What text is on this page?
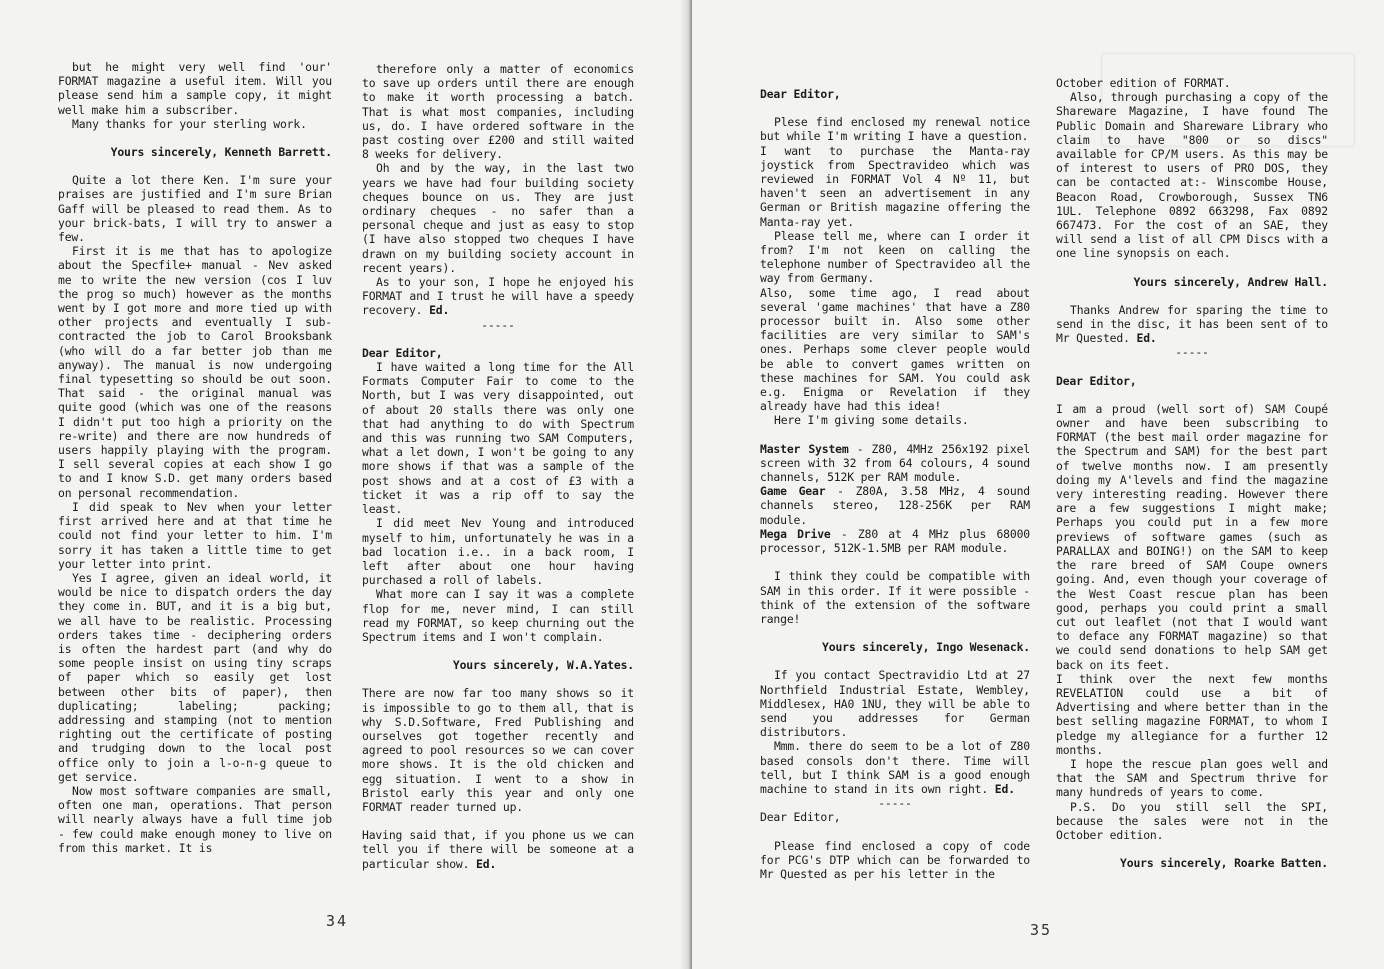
but he might very well find 'our' FORMAT magazine a useful item. Will you please send him a sample copy, it might well make him a subscriber.

Many thanks for your sterling work.

Yours sincerely, Kenneth Barrett.

Quite a lot there Ken. I'm sure your praises are justified and I'm sure Brian Gaff will be pleased to read them. As to your brick-bats, I will try to answer a few.

First it is me that has to apologize about the Specfile+ manual - Nev asked me to write the new version (cos I luv the prog so much) however as the months went by I got more and more tied up with other projects and eventually I sub-contracted the job to Carol Brooksbank (who will do a far better job than me anyway). The manual is now undergoing final typesetting so should be out soon. That said - the original manual was quite good (which was one of the reasons I didn't put too high a priority on the re-write) and there are now hundreds of users happily playing with the program. I sell several copies at each show I go to and I know S.D. get many orders based on personal recommendation.

I did speak to Nev when your letter first arrived here and at that time he could not find your letter to him. I'm sorry it has taken a little time to get your letter into print.

Yes I agree, given an ideal world, it would be nice to dispatch orders the day they come in. BUT, and it is a big but, we all have to be realistic. Processing orders takes time - deciphering orders is often the hardest part (and why do some people insist on using tiny scraps of paper which so easily get lost between other bits of paper), then duplicating; labeling; packing; addressing and stamping (not to mention righting out the certificate of posting and trudging down to the local post office only to join a l-o-n-g queue to get service.

Now most software companies are small, often one man, operations. That person will nearly always have a full time job - few could make enough money to live on from this market. It is

therefore only a matter of economics to save up orders until there are enough to make it worth processing a batch. That is what most companies, including us, do. I have ordered software in the past costing over £200 and still waited 8 weeks for delivery.

Oh and by the way, in the last two years we have had four building society cheques bounce on us. They are just ordinary cheques - no safer than a personal cheque and just as easy to stop (I have also stopped two cheques I have drawn on my building society account in recent years).

As to your son, I hope he enjoyed his FORMAT and I trust he will have a speedy recovery. Ed.

-----

Dear Editor,

I have waited a long time for the All Formats Computer Fair to come to the North, but I was very disappointed, out of about 20 stalls there was only one that had anything to do with Spectrum and this was running two SAM Computers, what a let down, I won't be going to any more shows if that was a sample of the post shows and at a cost of £3 with a ticket it was a rip off to say the least.

I did meet Nev Young and introduced myself to him, unfortunately he was in a bad location i.e.. in a back room, I left after about one hour having purchased a roll of labels.

What more can I say it was a complete flop for me, never mind, I can still read my FORMAT, so keep churning out the Spectrum items and I won't complain.

Yours sincerely, W.A.Yates.

There are now far too many shows so it is impossible to go to them all, that is why S.D.Software, Fred Publishing and ourselves got together recently and agreed to pool resources so we can cover more shows. It is the old chicken and egg situation. I went to a show in Bristol early this year and only one FORMAT reader turned up.

Having said that, if you phone us we can tell you if there will be someone at a particular show. Ed.

34

Dear Editor,

Plese find enclosed my renewal notice but while I'm writing I have a question.

I want to purchase the Manta-ray joystick from Spectravideo which was reviewed in FORMAT Vol 4 Nº 11, but haven't seen an advertisement in any German or British magazine offering the Manta-ray yet.

Please tell me, where can I order it from? I'm not keen on calling the telephone number of Spectravideo all the way from Germany.

Also, some time ago, I read about several 'game machines' that have a Z80 processor built in. Also some other facilities are very similar to SAM's ones. Perhaps some clever people would be able to convert games written on these machines for SAM. You could ask e.g. Enigma or Revelation if they already have had this idea!

Here I'm giving some details.

Master System - Z80, 4MHz 256x192 pixel screen with 32 from 64 colours, 4 sound channels, 512K per RAM module.

Game Gear - Z80A, 3.58 MHz, 4 sound channels stereo, 128-256K per RAM module.

Mega Drive - Z80 at 4 MHz plus 68000 processor, 512K-1.5MB per RAM module.

I think they could be compatible with SAM in this order. If it were possible - think of the extension of the software range!

Yours sincerely, Ingo Wesenack.

If you contact Spectravidio Ltd at 27 Northfield Industrial Estate, Wembley, Middlesex, HA0 1NU, they will be able to send you addresses for German distributors.

Mmm. there do seem to be a lot of Z80 based consols don't there. Time will tell, but I think SAM is a good enough machine to stand in its own right. Ed.

-----

Dear Editor,

Please find enclosed a copy of code for PCG's DTP which can be forwarded to Mr Quested as per his letter in the

October edition of FORMAT.

Also, through purchasing a copy of the Shareware Magazine, I have found The Public Domain and Shareware Library who claim to have "800 or so discs" available for CP/M users. As this may be of interest to users of PRO DOS, they can be contacted at:- Winscombe House, Beacon Road, Crowborough, Sussex TN6 1UL. Telephone 0892 663298, Fax 0892 667473. For the cost of an SAE, they will send a list of all CPM Discs with a one line synopsis on each.

Yours sincerely, Andrew Hall.

Thanks Andrew for sparing the time to send in the disc, it has been sent of to Mr Quested. Ed.

-----

Dear Editor,

I am a proud (well sort of) SAM Coupé owner and have been subscribing to FORMAT (the best mail order magazine for the Spectrum and SAM) for the best part of twelve months now. I am presently doing my A'levels and find the magazine very interesting reading. However there are a few suggestions I might make; Perhaps you could put in a few more previews of software games (such as PARALLAX and BOING!) on the SAM to keep the rare breed of SAM Coupe owners going. And, even though your coverage of the West Coast rescue plan has been good, perhaps you could print a small cut out leaflet (not that I would want to deface any FORMAT magazine) so that we could send donations to help SAM get back on its feet.

I think over the next few months REVELATION could use a bit of Advertising and where better than in the best selling magazine FORMAT, to whom I pledge my allegiance for a further 12 months.

I hope the rescue plan goes well and that the SAM and Spectrum thrive for many hundreds of years to come.

P.S. Do you still sell the SPI, because the sales were not in the October edition.

Yours sincerely, Roarke Batten.

35
